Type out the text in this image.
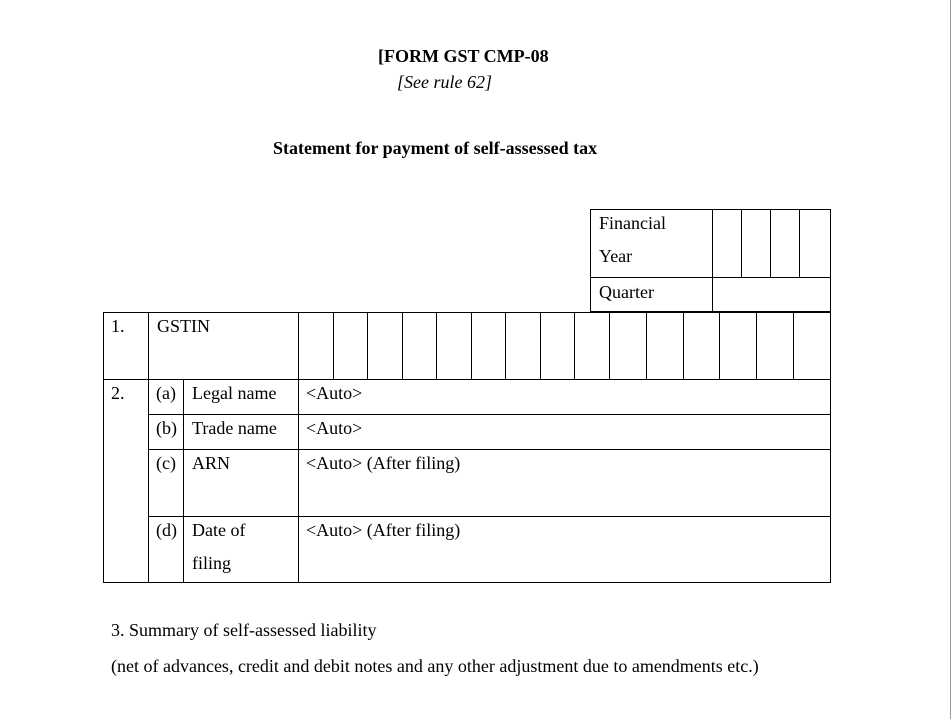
[FORM GST CMP-08
[See rule 62]
Statement for payment of self-assessed tax
Financial
Year
Quarter
1. GSTIN
2. (a) Legal name <Auto>
(b) Trade name <Auto>
(c) ARN	<Auto> (After filing)
(d) Date of
filing
<Auto> (After filing)
3. Summary of self-assessed liability
(net of advances, credit and debit notes and any other adjustment due to amendments etc.)
